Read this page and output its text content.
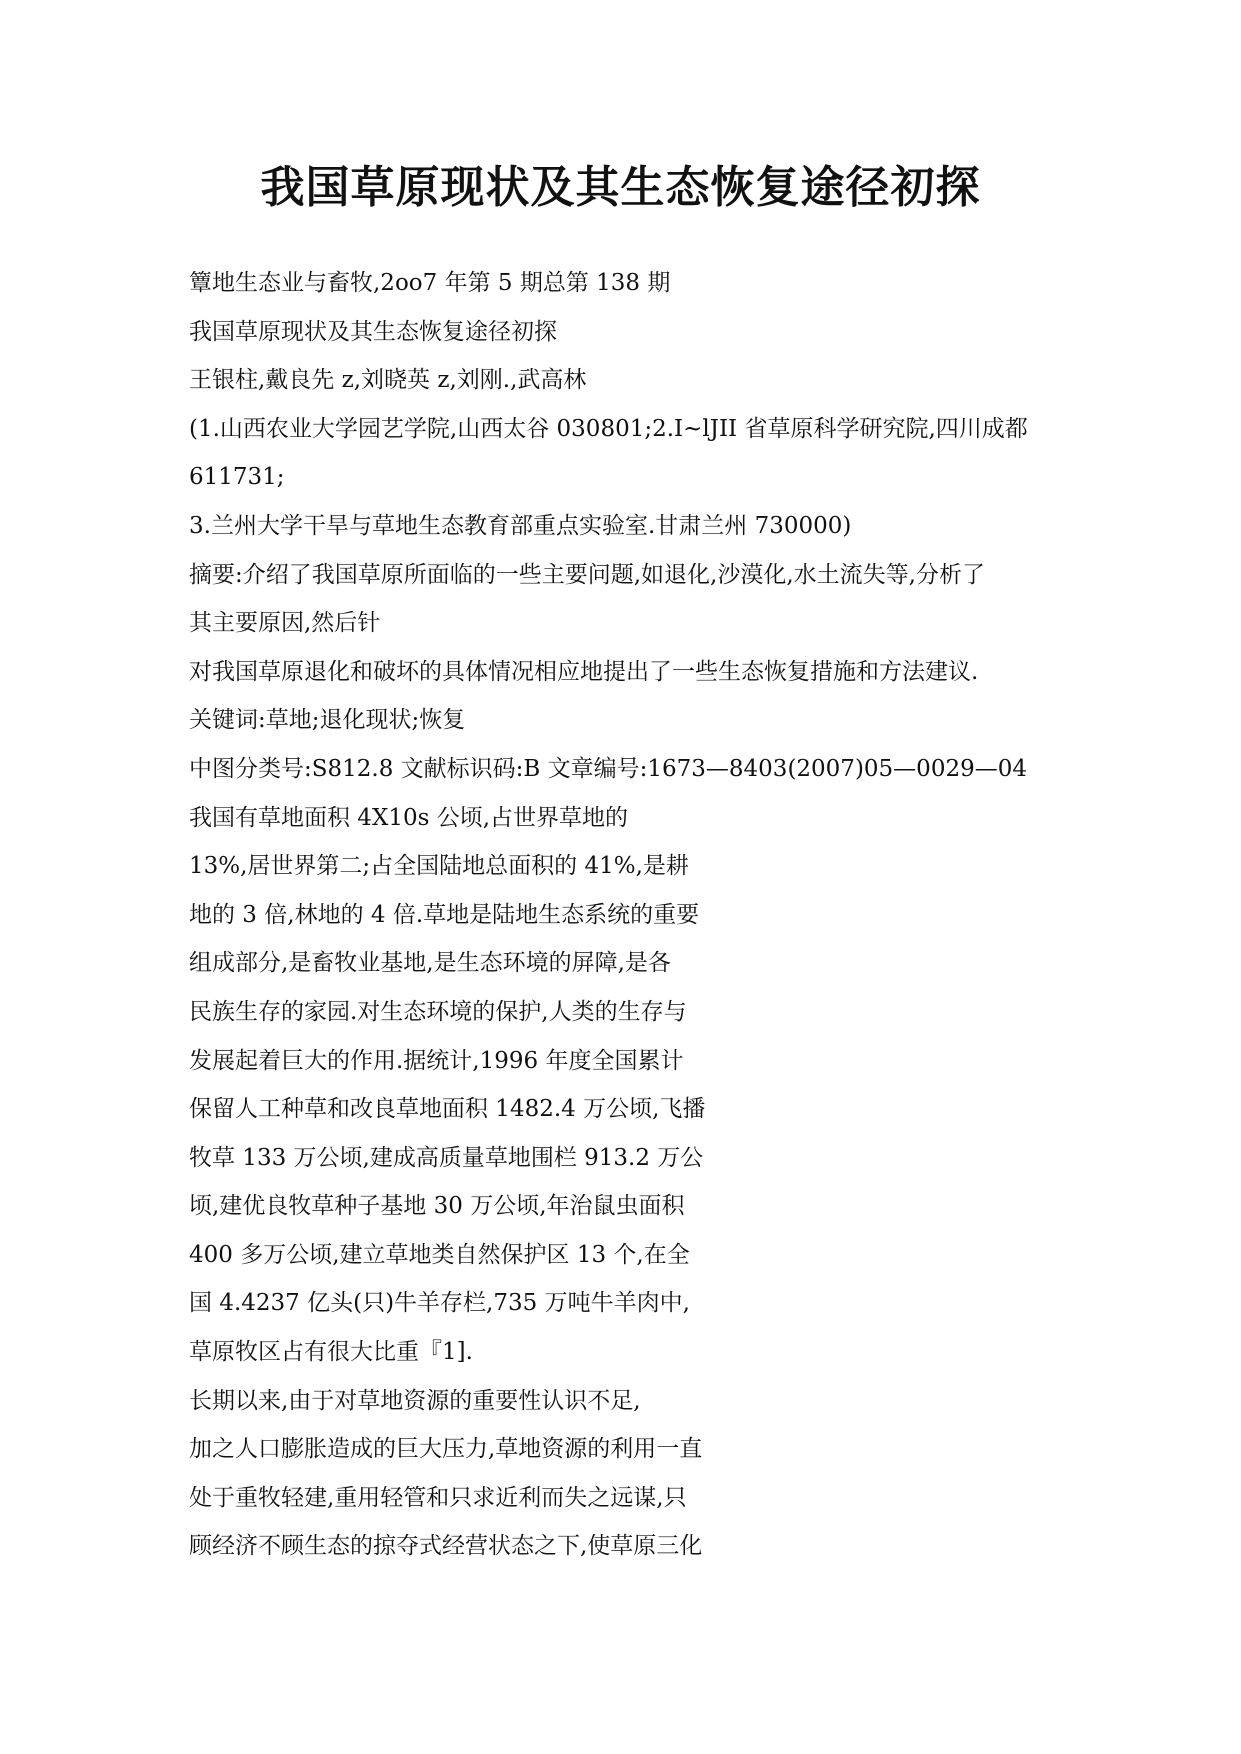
我国草原现状及其生态恢复途径初探
簟地生态业与畜牧,2oo7 年第 5 期总第 138 期
我国草原现状及其生态恢复途径初探
王银柱,戴良先 z,刘晓英 z,刘刚.,武高林
(1.山西农业大学园艺学院,山西太谷 030801;2.I~lJII 省草原科学研究院,四川成都
611731;
3.兰州大学干旱与草地生态教育部重点实验室.甘肃兰州 730000)
摘要:介绍了我国草原所面临的一些主要问题,如退化,沙漠化,水土流失等,分析了
其主要原因,然后针
对我国草原退化和破坏的具体情况相应地提出了一些生态恢复措施和方法建议.
关键词:草地;退化现状;恢复
中图分类号:S812.8 文献标识码:B 文章编号:1673—8403(2007)05—0029—04
我国有草地面积 4X10s 公顷,占世界草地的
13%,居世界第二;占全国陆地总面积的 41%,是耕
地的 3 倍,林地的 4 倍.草地是陆地生态系统的重要
组成部分,是畜牧业基地,是生态环境的屏障,是各
民族生存的家园.对生态环境的保护,人类的生存与
发展起着巨大的作用.据统计,1996 年度全国累计
保留人工种草和改良草地面积 1482.4 万公顷,飞播
牧草 133 万公顷,建成高质量草地围栏 913.2 万公
顷,建优良牧草种子基地 30 万公顷,年治鼠虫面积
400 多万公顷,建立草地类自然保护区 13 个,在全
国 4.4237 亿头(只)牛羊存栏,735 万吨牛羊肉中,
草原牧区占有很大比重『1].
长期以来,由于对草地资源的重要性认识不足,
加之人口膨胀造成的巨大压力,草地资源的利用一直
处于重牧轻建,重用轻管和只求近利而失之远谋,只
顾经济不顾生态的掠夺式经营状态之下,使草原三化
